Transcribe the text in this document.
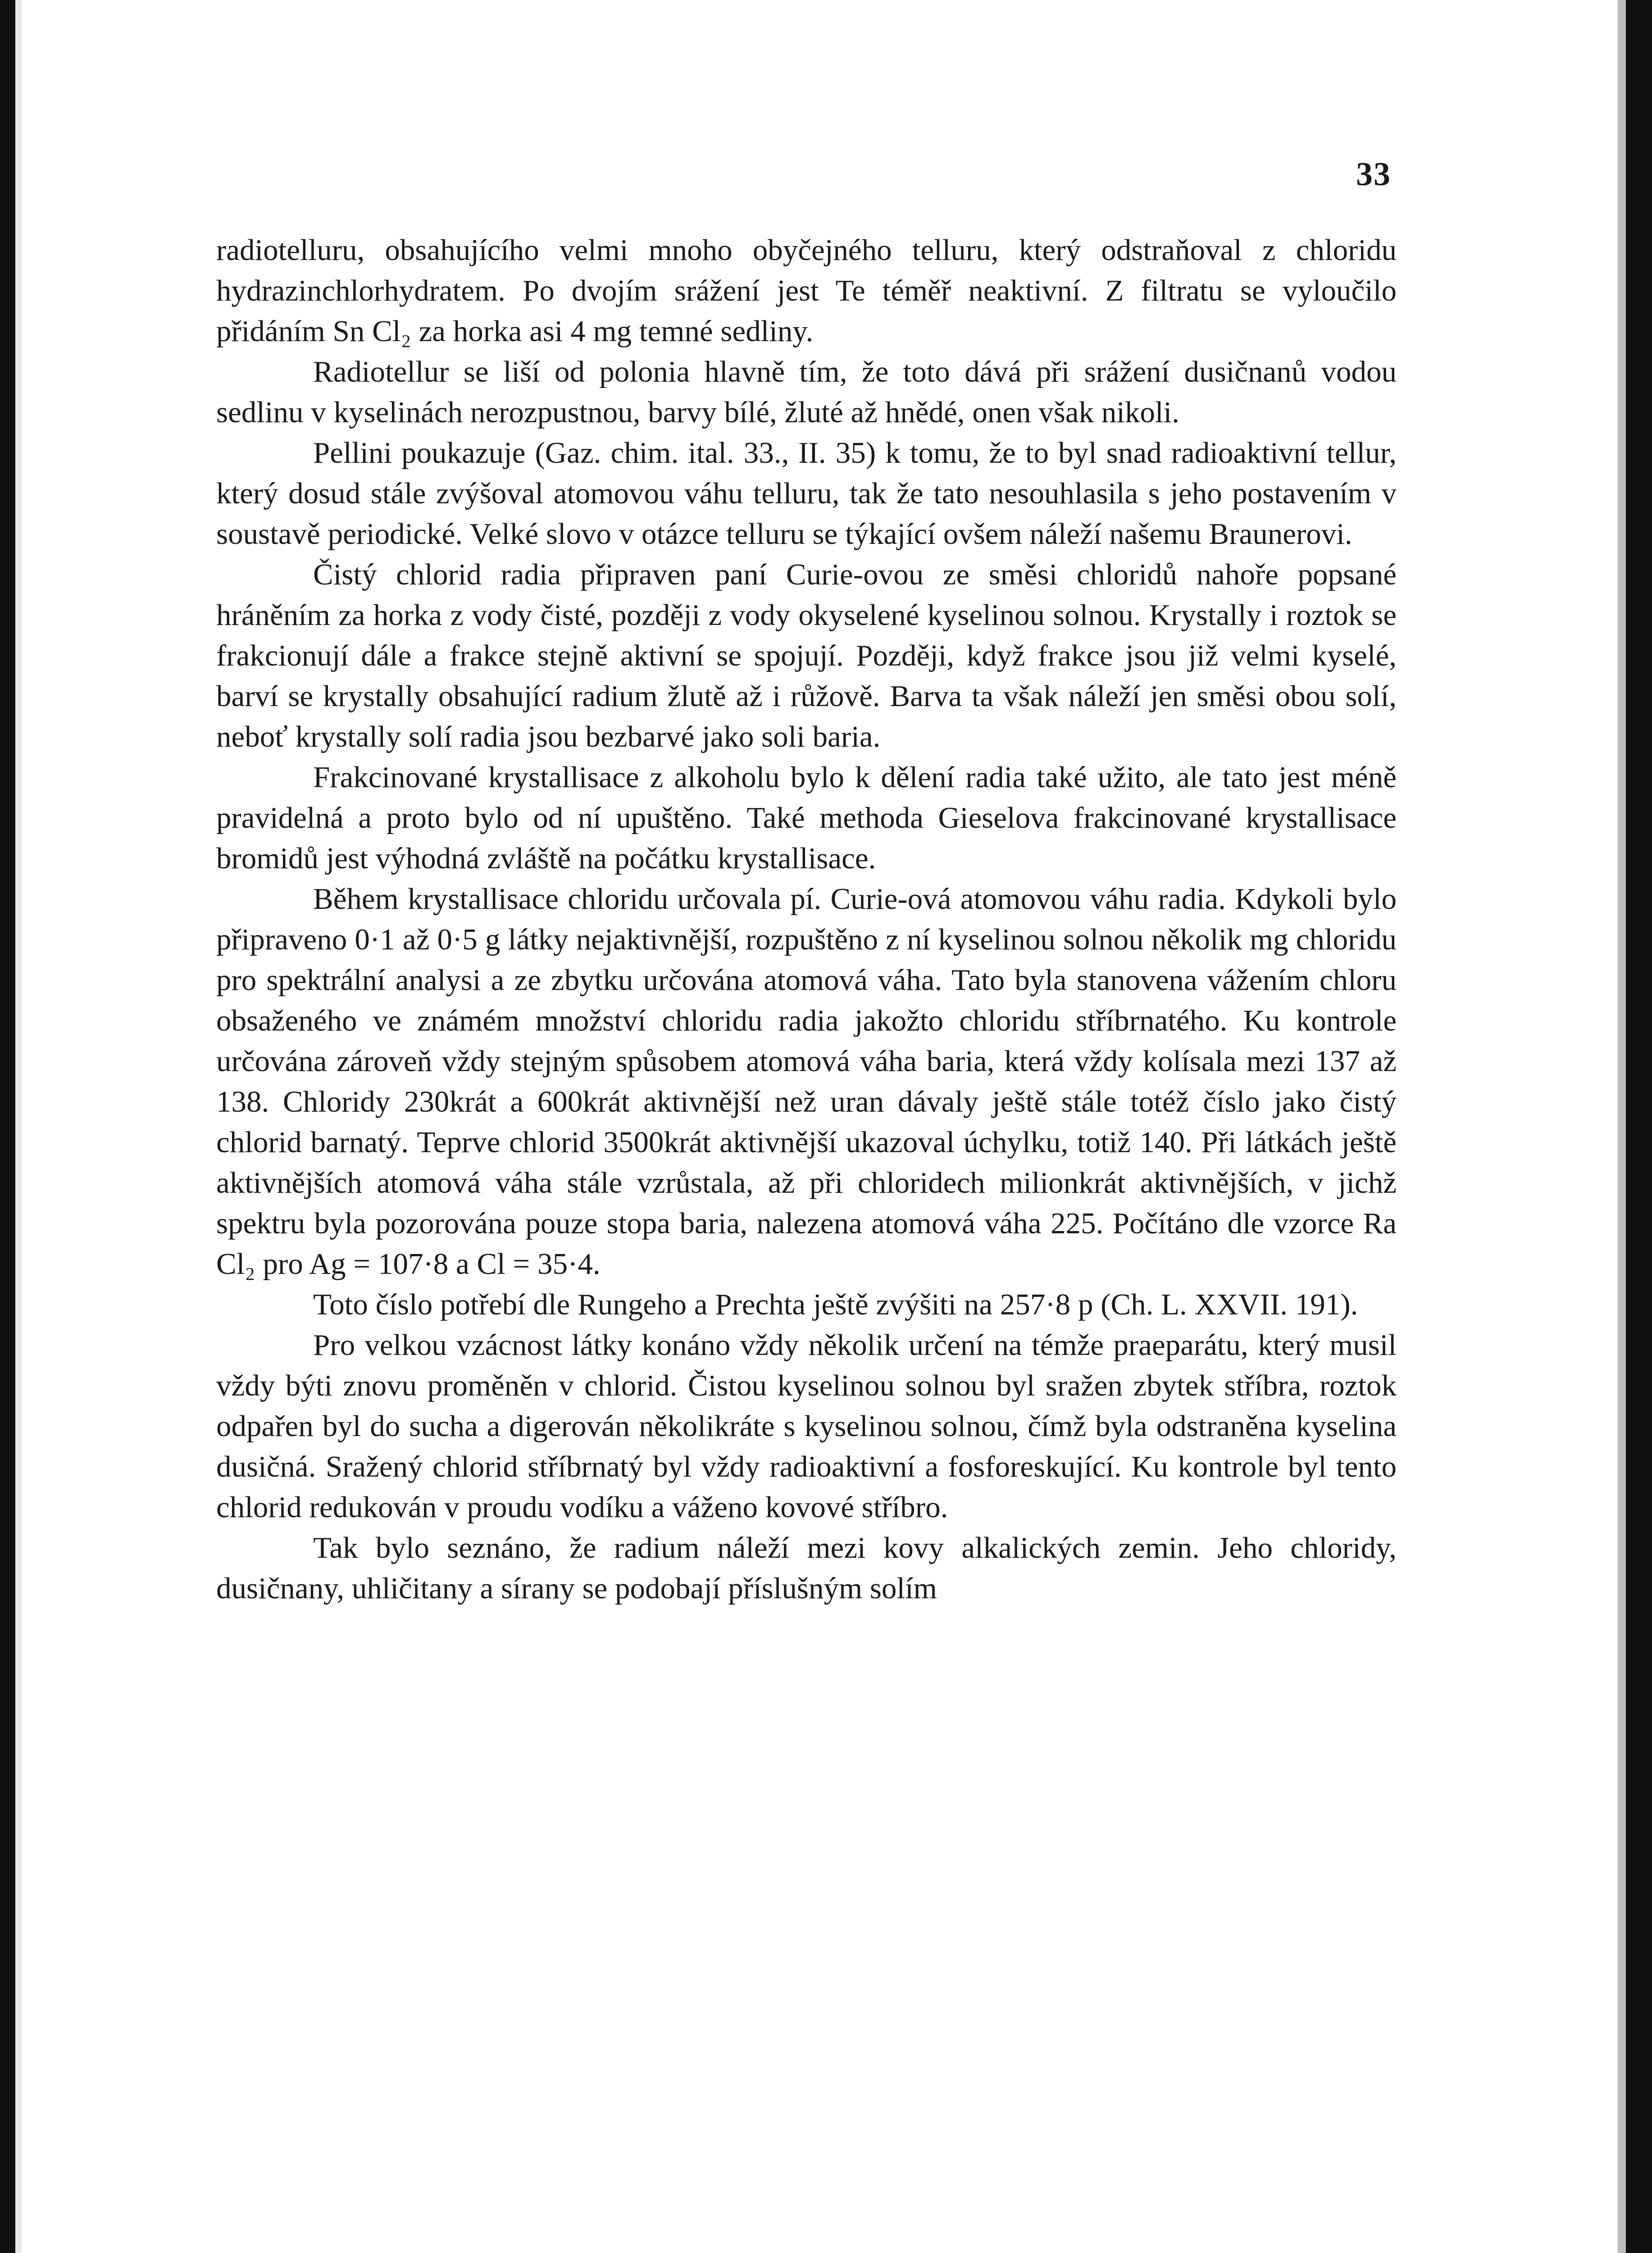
33

radiotelluru, obsahujícího velmi mnoho obyčejného telluru, který odstraňoval z chloridu hydrazinchlorhydratem. Po dvojím srážení jest Te téměř neaktivní. Z filtratu se vyloučilo přidáním Sn Cl₂ za horka asi 4 mg temné sedliny.

Radiotellur se liší od polonia hlavně tím, že toto dává při srážení dusičnanů vodou sedlinu v kyselinách nerozpustnou, barvy bílé, žluté až hnědé, onen však nikoli.

Pellini poukazuje (Gaz. chim. ital. 33., II. 35) k tomu, že to byl snad radioaktivní tellur, který dosud stále zvýšoval atomovou váhu telluru, tak že tato nesouhlasila s jeho postavením v soustavě periodické. Velké slovo v otázce telluru se týkající ovšem náleží našemu Braunerovi.

Čistý chlorid radia připraven paní Curie-ovou ze směsi chloridů nahoře popsané hráněním za horka z vody čisté, později z vody okyselené kyselinou solnou. Krystally i roztok se frakcionují dále a frakce stejně aktivní se spojují. Později, když frakce jsou již velmi kyselé, barví se krystally obsahující radium žlutě až i růžově. Barva ta však náleží jen směsi obou solí, neboť krystally solí radia jsou bezbarvé jako soli baria.

Frakcinované krystallisace z alkoholu bylo k dělení radia také užito, ale tato jest méně pravidelná a proto bylo od ní upuštěno. Také methoda Gieselova frakcinované krystallisace bromidů jest výhodná zvláště na počátku krystallisace.

Během krystallisace chloridu určovala pí. Curie-ová atomovou váhu radia. Kdykoli bylo připraveno 0·1 až 0·5 g látky nejaktivnější, rozpuštěno z ní kyselinou solnou několik mg chloridu pro spektrální analysi a ze zbytku určována atomová váha. Tato byla stanovena vážením chloru obsaženého ve známém množství chloridu radia jakožto chloridu stříbrnatého. Ku kontrole určována zároveň vždy stejným spůsobem atomová váha baria, která vždy kolísala mezi 137 až 138. Chloridy 230krát a 600krát aktivnější než uran dávaly ještě stále totéž číslo jako čistý chlorid barnatý. Teprve chlorid 3500krát aktivnější ukazoval úchylku, totiž 140. Při látkách ještě aktivnějších atomová váha stále vzrůstala, až při chloridech milionkrát aktivnějších, v jichž spektru byla pozorována pouze stopa baria, nalezena atomová váha 225. Počítáno dle vzorce Ra Cl₂ pro Ag = 107·8 a Cl = 35·4.

Toto číslo potřebí dle Rungeho a Prechta ještě zvýšiti na 257·8 p (Ch. L. XXVII. 191).

Pro velkou vzácnost látky konáno vždy několik určení na témže praeparátu, který musil vždy býti znovu proměněn v chlorid. Čistou kyselinou solnou byl sražen zbytek stříbra, roztok odpařen byl do sucha a digerován několikráte s kyselinou solnou, čímž byla odstraněna kyselina dusičná. Sražený chlorid stříbrnatý byl vždy radioaktivní a fosforeskující. Ku kontrole byl tento chlorid redukován v proudu vodíku a váženo kovové stříbro.

Tak bylo seznáno, že radium náleží mezi kovy alkalických zemin. Jeho chloridy, dusičnany, uhličitany a sírany se podobají příslušným solím
